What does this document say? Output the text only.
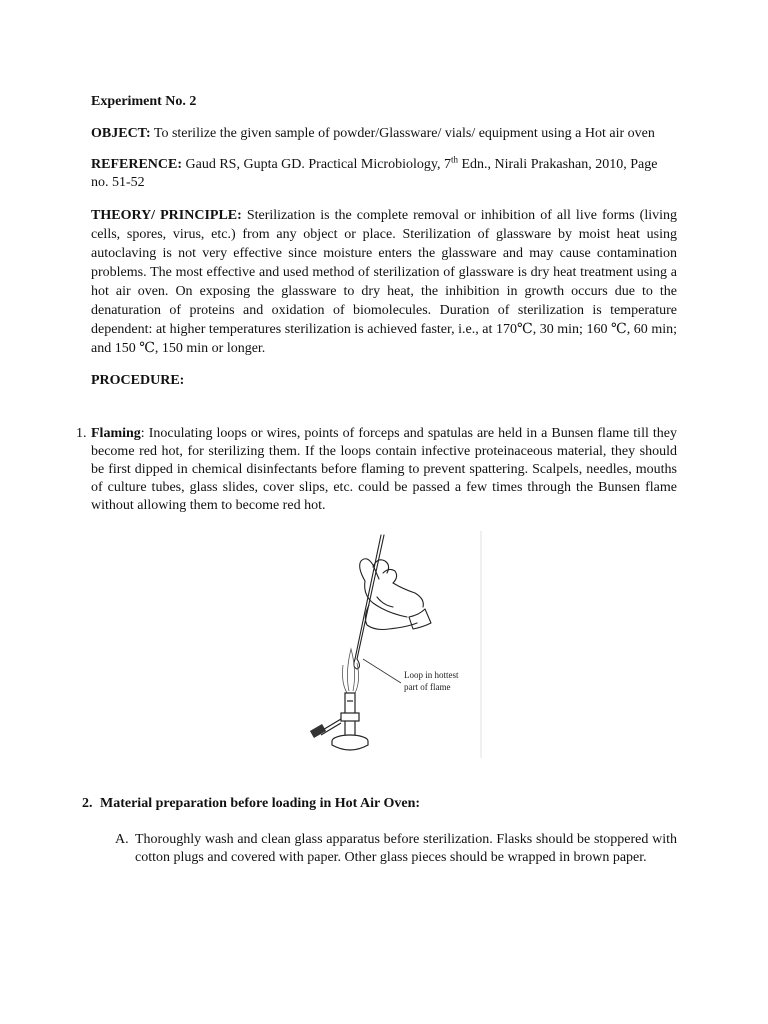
Experiment No. 2

OBJECT: To sterilize the given sample of powder/Glassware/ vials/ equipment using a Hot air oven

REFERENCE: Gaud RS, Gupta GD. Practical Microbiology, 7th Edn., Nirali Prakashan, 2010, Page no. 51-52

THEORY/ PRINCIPLE: Sterilization is the complete removal or inhibition of all live forms (living cells, spores, virus, etc.) from any object or place. Sterilization of glassware by moist heat using autoclaving is not very effective since moisture enters the glassware and may cause contamination problems. The most effective and used method of sterilization of glassware is dry heat treatment using a hot air oven. On exposing the glassware to dry heat, the inhibition in growth occurs due to the denaturation of proteins and oxidation of biomolecules. Duration of sterilization is temperature dependent: at higher temperatures sterilization is achieved faster, i.e., at 170℃, 30 min; 160 ℃, 60 min; and 150 ℃, 150 min or longer.

PROCEDURE:

1. Flaming: Inoculating loops or wires, points of forceps and spatulas are held in a Bunsen flame till they become red hot, for sterilizing them. If the loops contain infective proteinaceous material, they should be first dipped in chemical disinfectants before flaming to prevent spattering. Scalpels, needles, mouths of culture tubes, glass slides, cover slips, etc. could be passed a few times through the Bunsen flame without allowing them to become red hot.

Loop in hottest
part of flame
2. Material preparation before loading in Hot Air Oven:

A. Thoroughly wash and clean glass apparatus before sterilization. Flasks should be stoppered with cotton plugs and covered with paper. Other glass pieces should be wrapped in brown paper.
